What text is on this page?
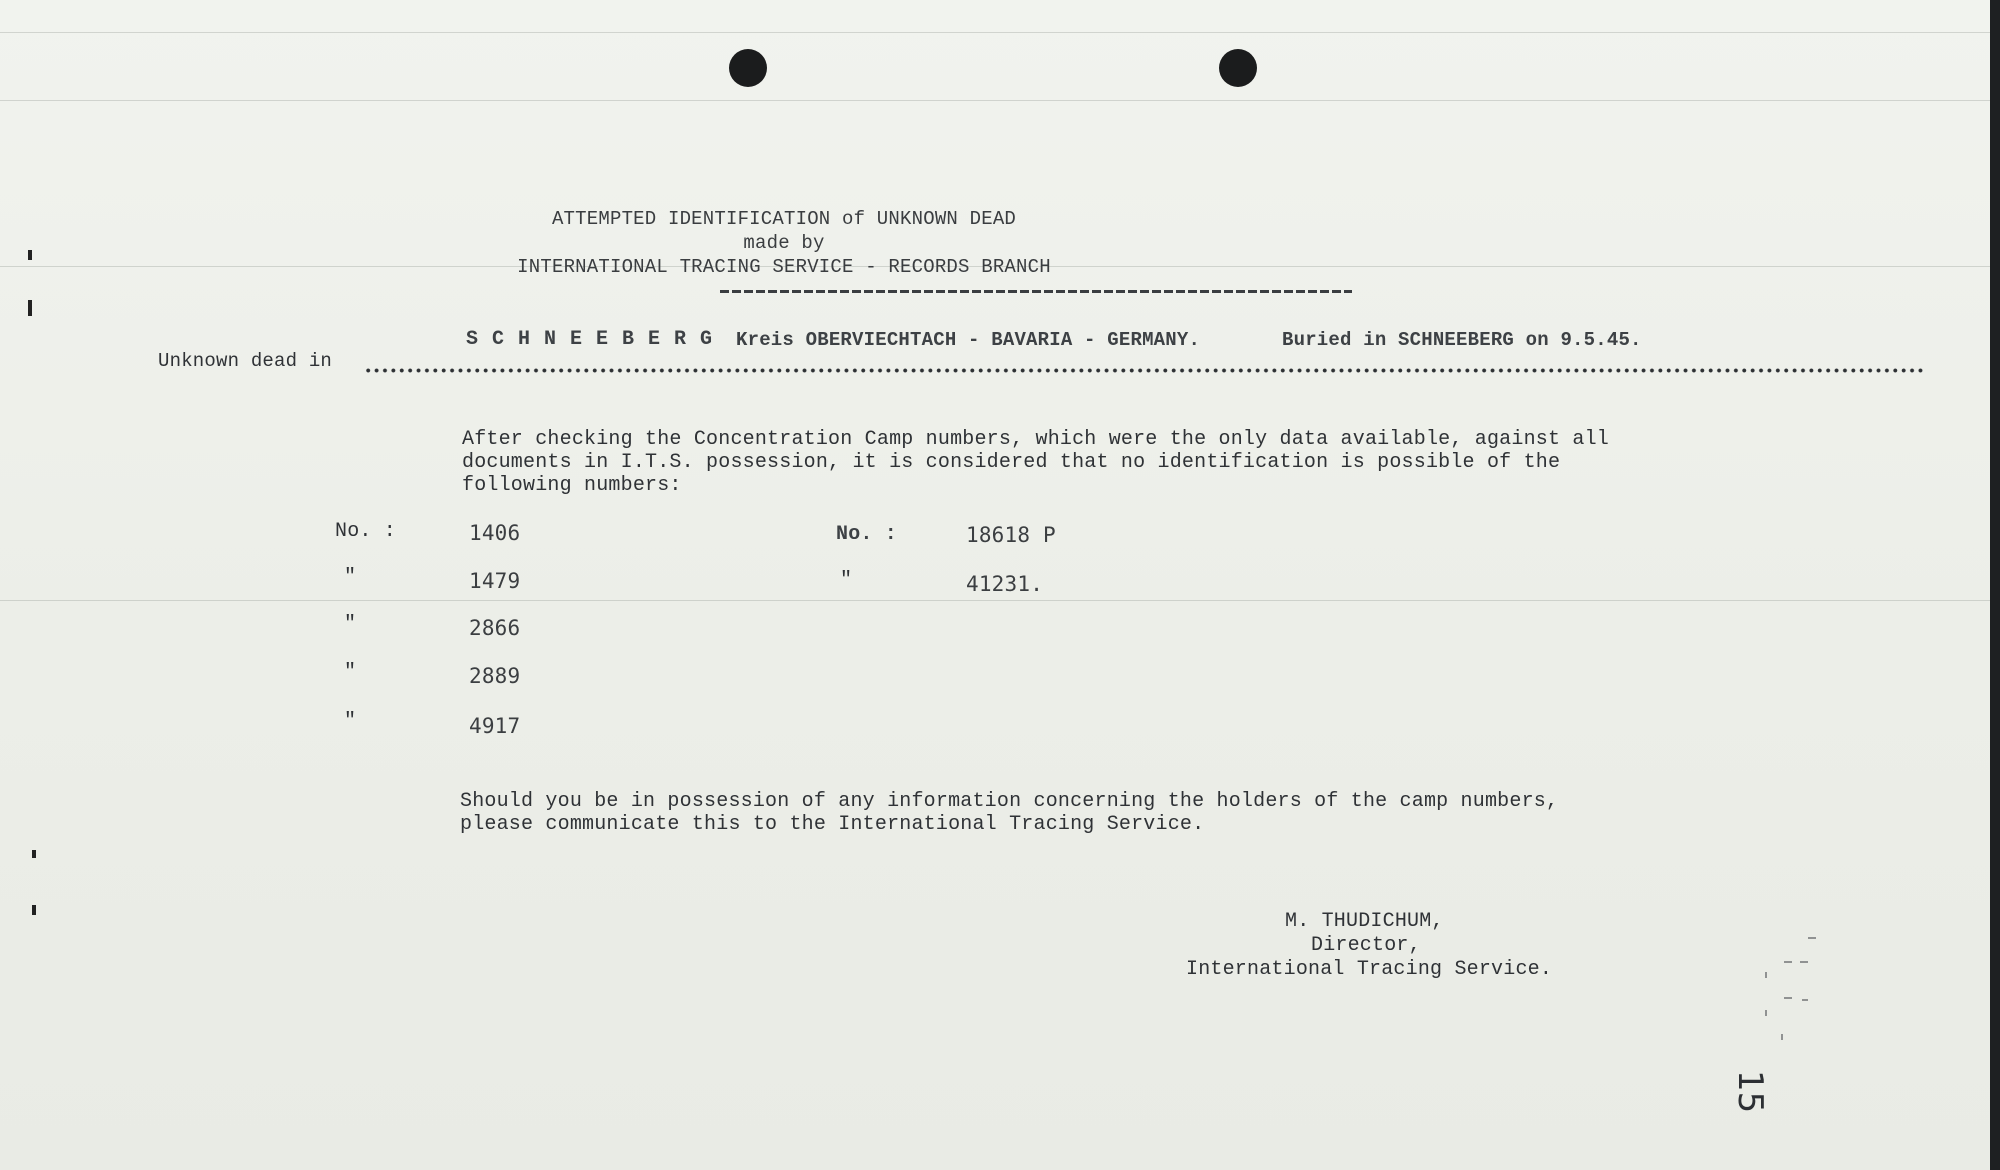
ATTEMPTED IDENTIFICATION of UNKNOWN DEAD
made by
INTERNATIONAL TRACING SERVICE - RECORDS BRANCH
S C H N E E B E R G Kreis OBERVIECHTACH - BAVARIA - GERMANY.	Buried in SCHNEEBERG on 9.5.45.
Unknown dead in
After checking the Concentration Camp numbers, which were the only data available, against all
documents in I.T.S. possession, it is considered that no identification is possible of the
following numbers:
No. :
"
"
"
"
1406
1479
2866
2889
4917
No. :
"
18618 P
41231.
Should you be in possession of any information concerning the holders of the camp numbers,
please communicate this to the International Tracing Service.
M. THUDICHUM,
Director,
International Tracing Service.
15
